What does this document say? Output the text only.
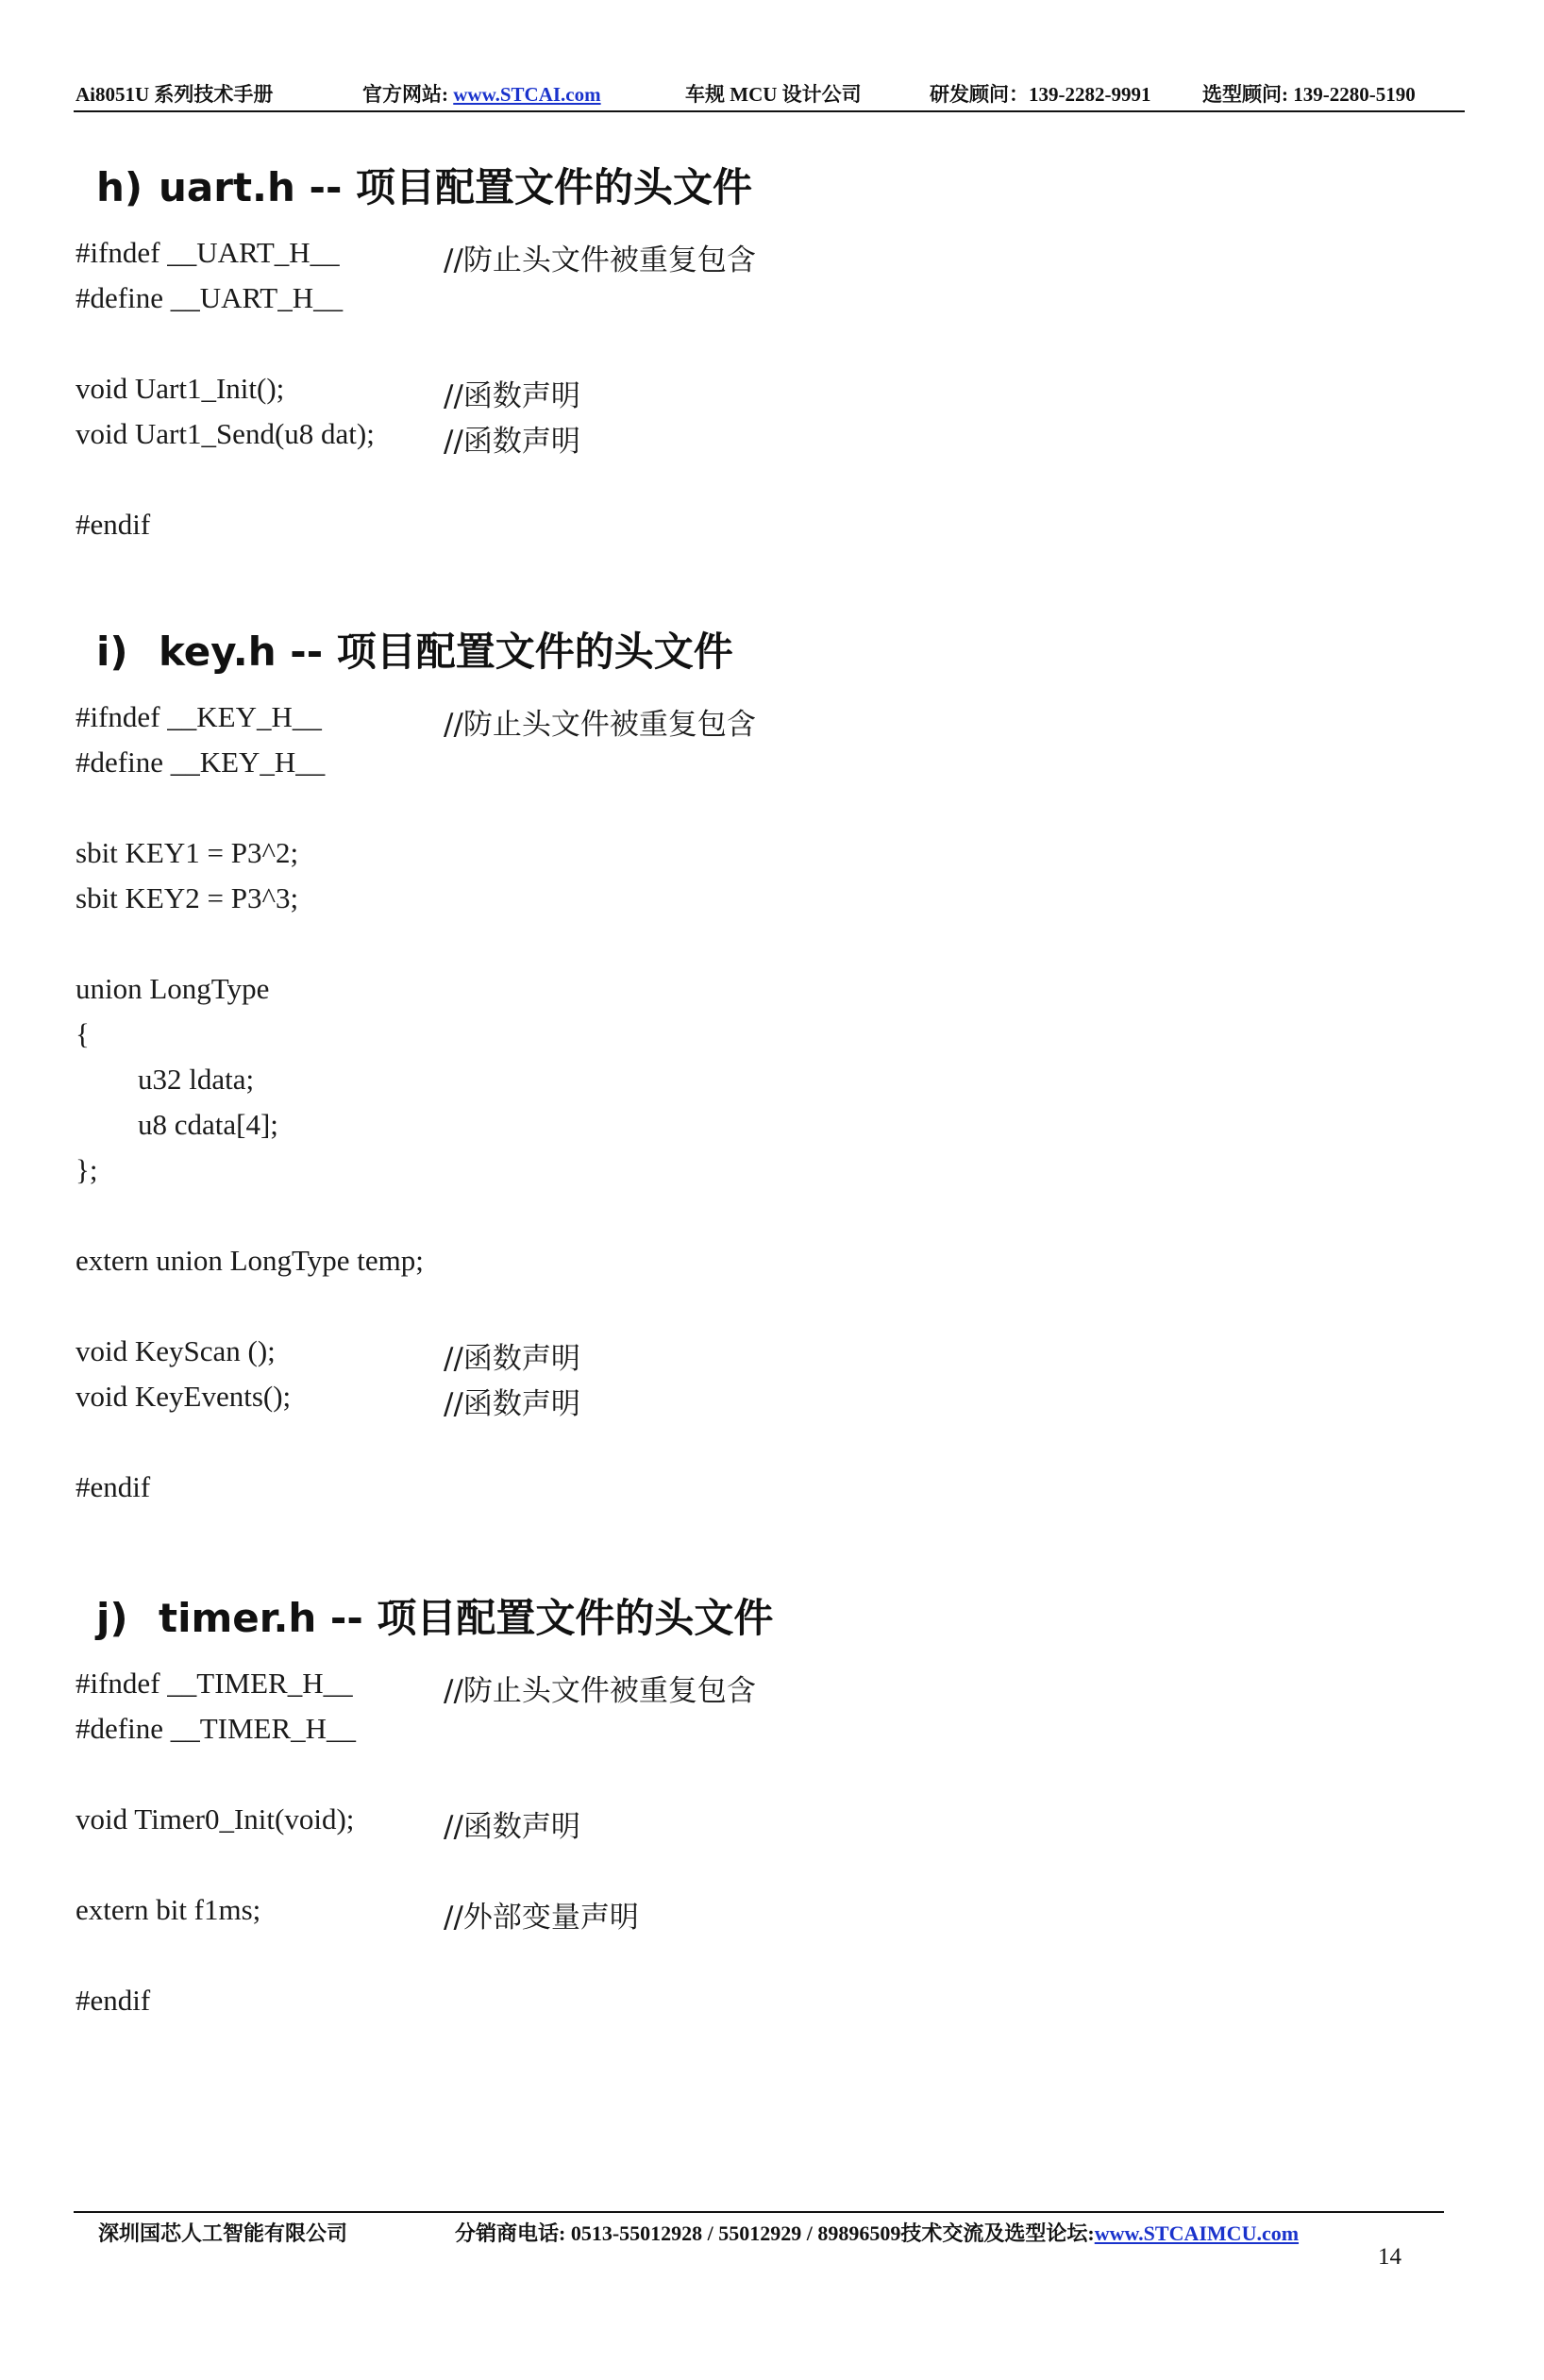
Ai8051U 系列技术手册	官方网站: www.STCAI.com	车规 MCU 设计公司	研发顾问：139-2282-9991	选型顾问: 139-2280-5190
h) uart.h -- 项目配置文件的头文件
#ifndef __UART_H__	//防止头文件被重复包含
#define __UART_H__
void Uart1_Init();	//函数声明
void Uart1_Send(u8 dat); //函数声明
#endif
i) key.h -- 项目配置文件的头文件
#ifndef __KEY_H__	//防止头文件被重复包含
#define __KEY_H__
sbit KEY1 = P3^2;
sbit KEY2 = P3^3;
union LongType
{
u32 ldata;
u8 cdata[4];
};
extern union LongType temp;
void KeyScan ();	//函数声明
void KeyEvents();	//函数声明
#endif
j) timer.h -- 项目配置文件的头文件
#ifndef __TIMER_H__	//防止头文件被重复包含
#define __TIMER_H__
void Timer0_Init(void);	//函数声明
extern bit f1ms;	//外部变量声明
#endif
深圳国芯人工智能有限公司	分销商电话: 0513-55012928 / 55012929 / 89896509技术交流及选型论坛:www.STCAIMCU.com
14
